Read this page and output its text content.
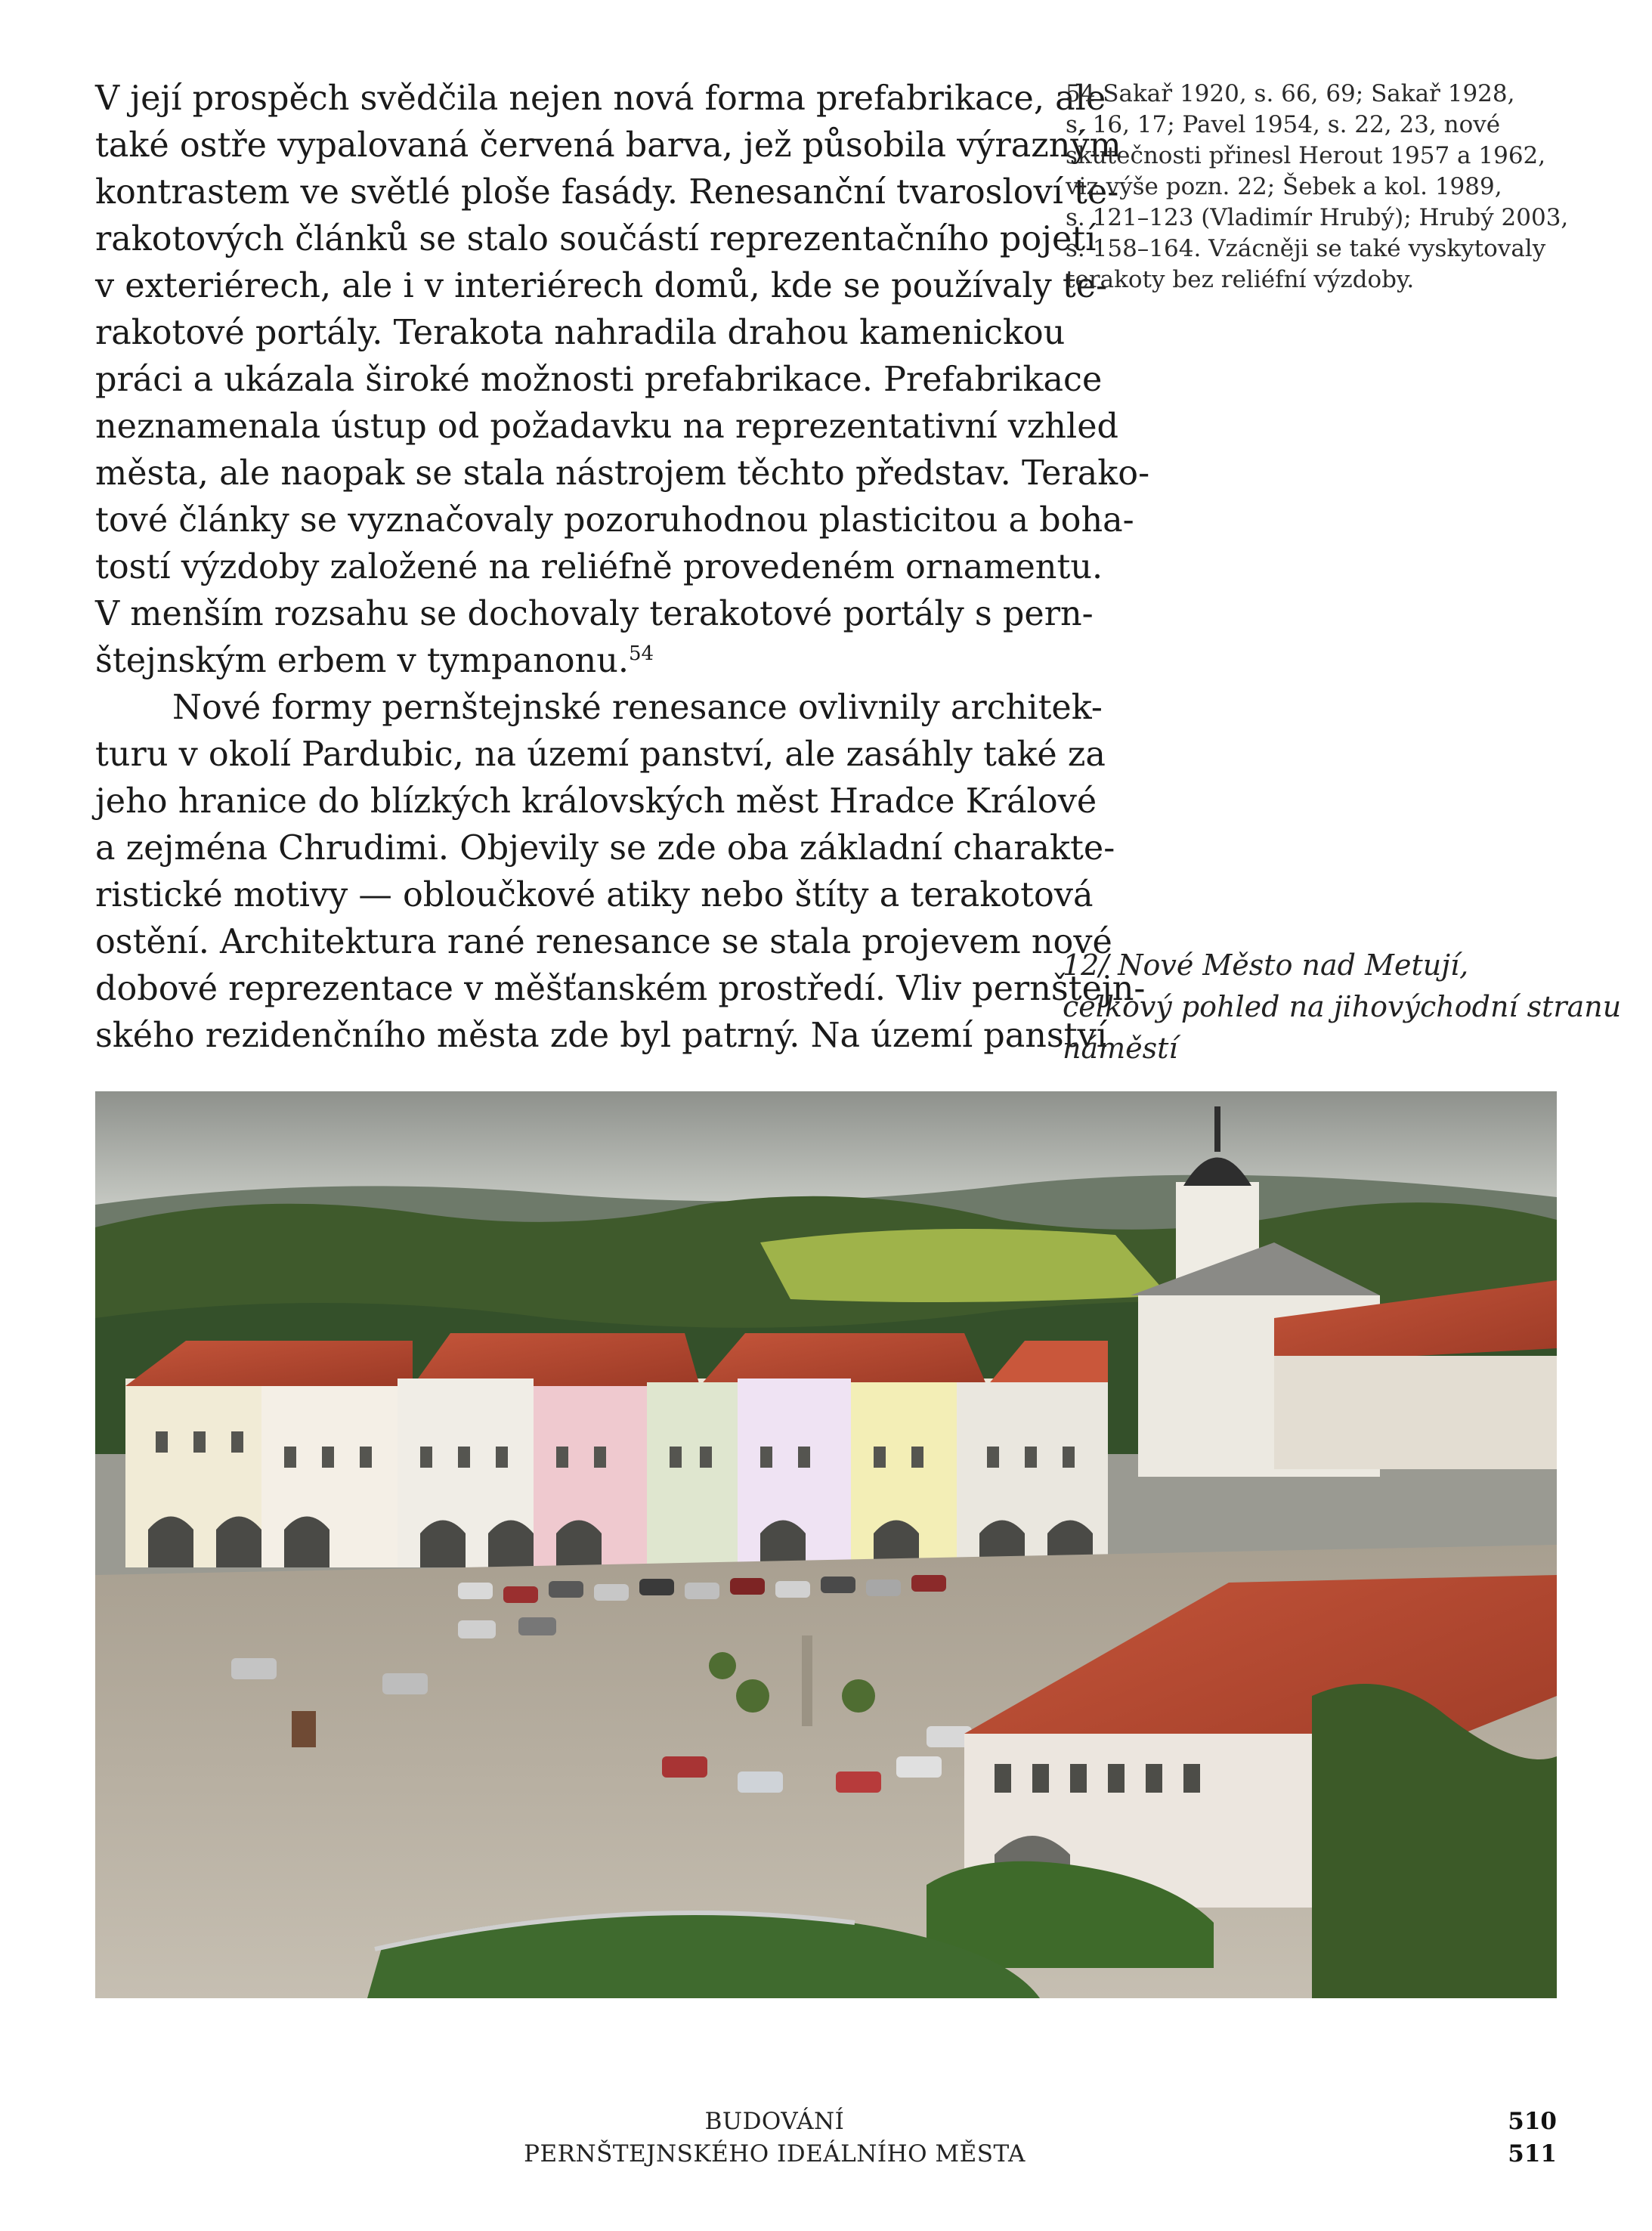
V její prospěch svědčila nejen nová forma prefabrikace, ale
také ostře vypalovaná červená barva, jež působila výrazným
kontrastem ve světlé ploše fasády. Renesanční tvarosloví te-
rakotových článků se stalo součástí reprezentačního pojetí
v exteriérech, ale i v interiérech domů, kde se používaly te-
rakotové portály. Terakota nahradila drahou kamenickou
práci a ukázala široké možnosti prefabrikace. Prefabrikace
neznamenala ústup od požadavku na reprezentativní vzhled
města, ale naopak se stala nástrojem těchto představ. Terako-
tové články se vyznačovaly pozoruhodnou plasticitou a boha-
tostí výzdoby založené na reliéfně provedeném ornamentu.
V menším rozsahu se dochovaly terakotové portály s pern-
štejnským erbem v tympanonu.$^{54}$

Nové formy pernštejnské renesance ovlivnily architek-
turu v okolí Pardubic, na území panství, ale zasáhly také za
jeho hranice do blízkých královských měst Hradce Králové
a zejména Chrudimi. Objevily se zde oba základní charakte-
ristické motivy — obloučkové atiky nebo štíty a terakotová
ostění. Architektura rané renesance se stala projevem nové
dobové reprezentace v měšťanském prostředí. Vliv pernštejn-
ského rezidenčního města zde byl patrný. Na území panství

54 Sakař 1920, s. 66, 69; Sakař 1928,
s. 16, 17; Pavel 1954, s. 22, 23, nové
skutečnosti přinesl Herout 1957 a 1962,
viz výše pozn. 22; Šebek a kol. 1989,
s. 121–123 (Vladimír Hrubý); Hrubý 2003,
s. 158–164. Vzácněji se také vyskytovaly
terakoty bez reliéfní výzdoby.
12/ Nové Město nad Metují,
celkový pohled na jihovýchodní stranu
náměstí
BUDOVÁNÍ
PERNŠTEJNSKÉHO IDEÁLNÍHO MĚSTA
510
511
